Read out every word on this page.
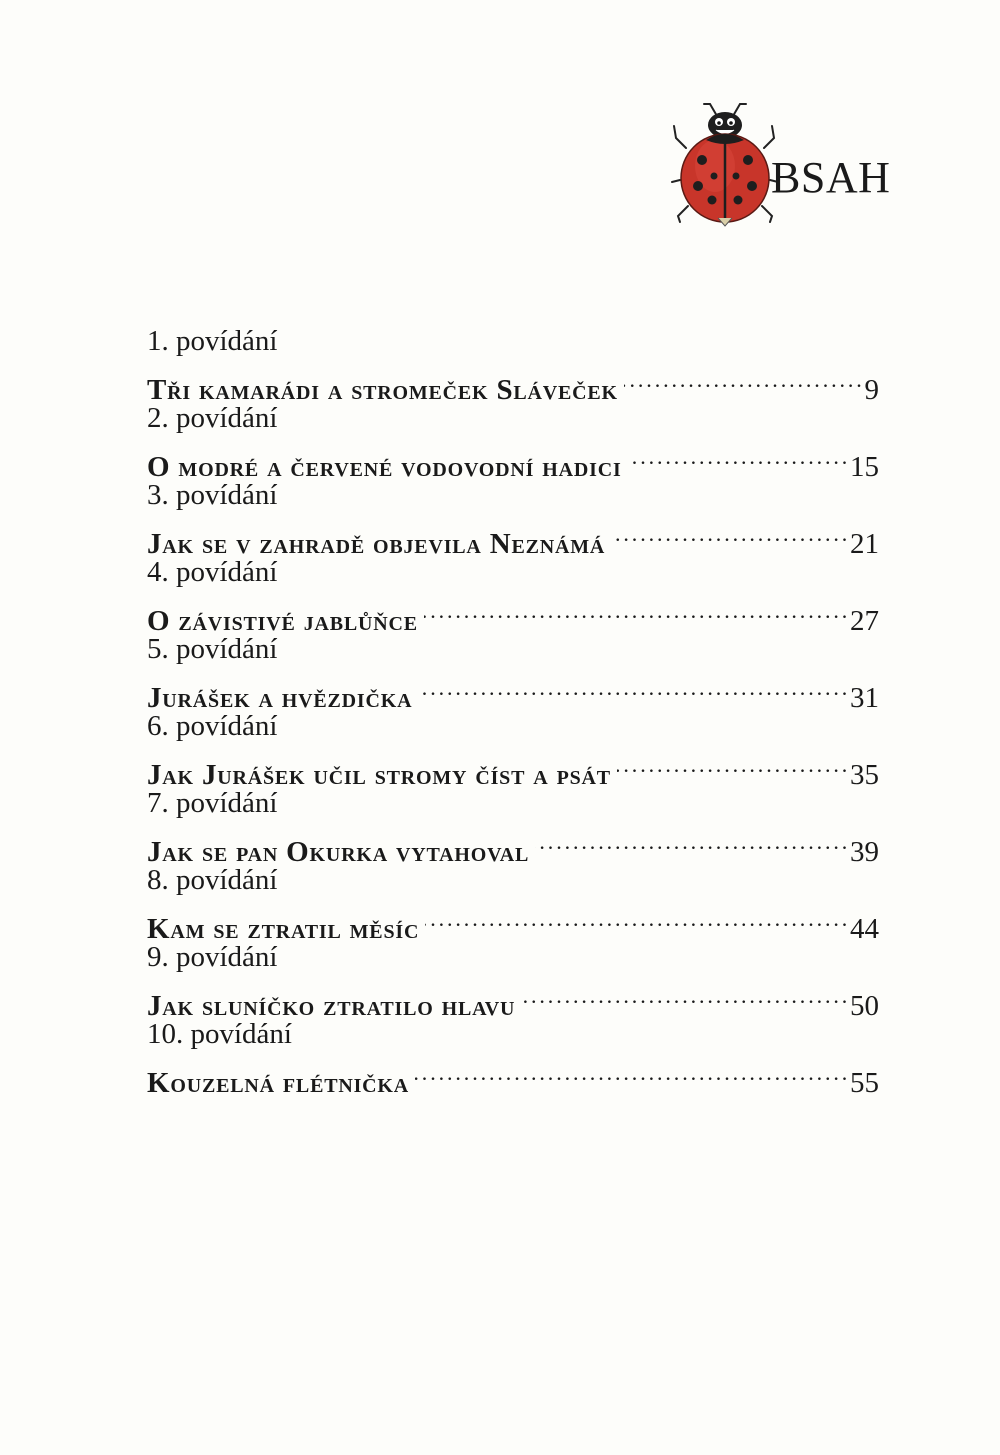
BSAH
1. povídání
Tři kamarádi a stromeček Sláveček . . .	9
2. povídání
O modré a červené vodovodní hadici . . .	15
3. povídání
Jak se v zahradě objevila Neznámá . . .	21
4. povídání
O závistivé jablůňce . . .	27
5. povídání
Jurášek a hvězdička . . .	31
6. povídání
Jak Jurášek učil stromy číst a psát . . .	35
7. povídání
Jak se pan Okurka vytahoval . . .	39
8. povídání
Kam se ztratil měsíc . . .	44
9. povídání
Jak sluníčko ztratilo hlavu . . .	50
10. povídání
Kouzelná flétnička . . .	55
